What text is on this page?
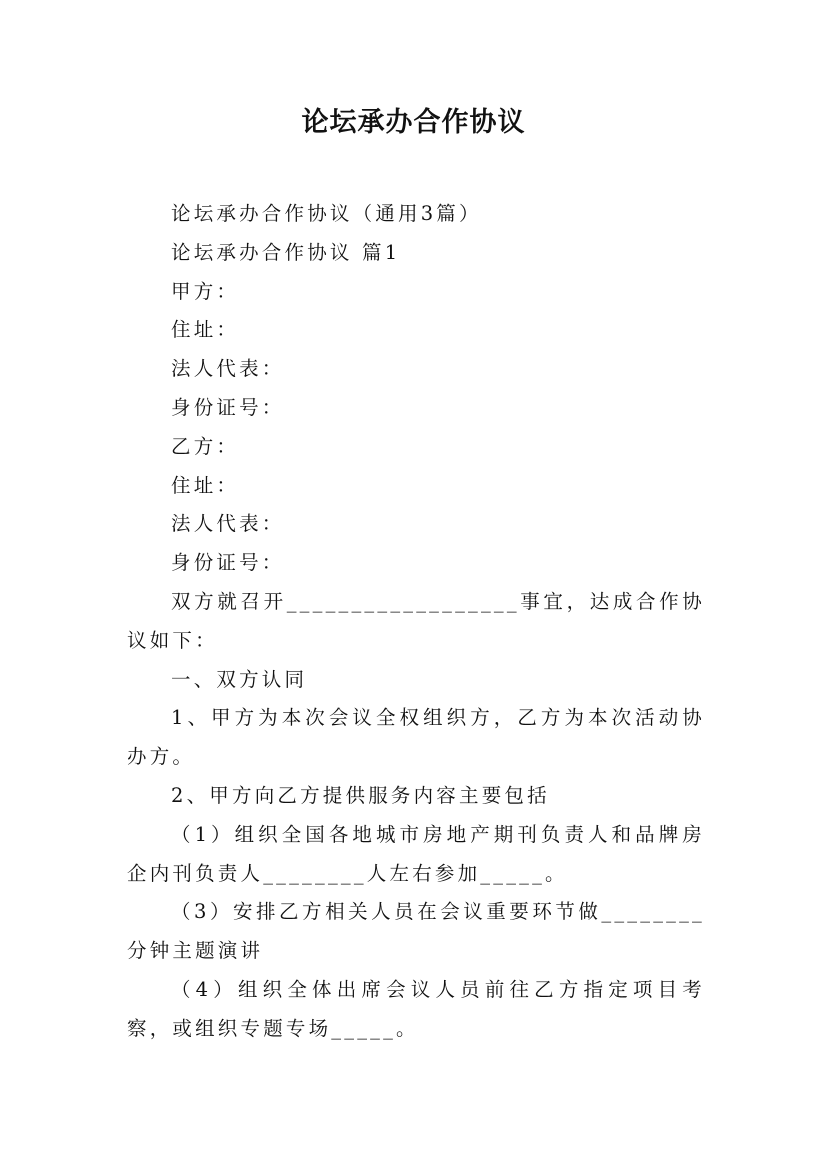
论坛承办合作协议

论坛承办合作协议（通用3篇）

论坛承办合作协议 篇1

甲方：

住址：

法人代表：

身份证号：

乙方：

住址：

法人代表：

身份证号：

双方就召开__________________事宜，达成合作协议如下：

一、双方认同

1、甲方为本次会议全权组织方，乙方为本次活动协办方。

2、甲方向乙方提供服务内容主要包括

（1）组织全国各地城市房地产期刊负责人和品牌房企内刊负责人________人左右参加_____。

（3）安排乙方相关人员在会议重要环节做________分钟主题演讲

（4）组织全体出席会议人员前往乙方指定项目考察，或组织专题专场_____。
